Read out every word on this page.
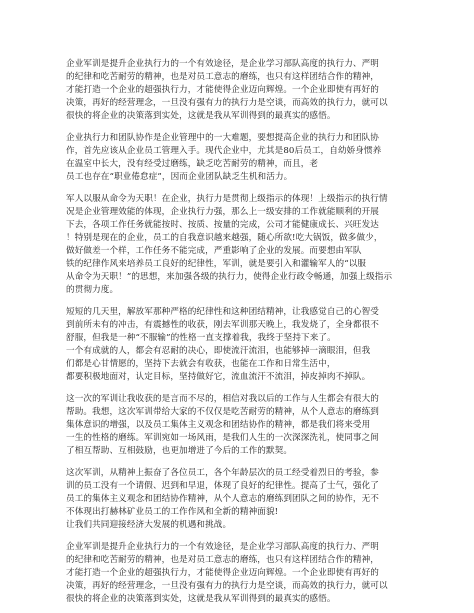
企业军训是提升企业执行力的一个有效途径，是企业学习部队高度的执行力、严明
的纪律和吃苦耐劳的精神，也是对员工意志的磨练，也只有这样团结合作的精神，
才能打造一个企业的超强执行力，才能使得企业迈向辉煌。一个企业即使有再好的
决策，再好的经营理念，一旦没有强有力的执行力是空谈，而高效的执行力，就可以
很快的将企业的决策落到实处，这就是我从军训得到的最真实的感悟。

企业执行力和团队协作是企业管理中的一大难题，要想提高企业的执行力和团队协
作，首先应该从企业员工管理入手。现代企业中，尤其是80后员工，自幼娇身惯养
在温室中长大，没有经受过磨练，缺乏吃苦耐劳的精神，而且，老
员工也存在“职业倦怠症”，因而企业团队缺乏生机和活力。

军人以服从命令为天职！在企业，执行力是贯彻上级指示的体现！上级指示的执行情
况是企业管理效能的体现，企业执行力强，那么上一级安排的工作就能顺利的开展
下去，各项工作任务就能按时、按质、按量的完成，公司才能健康成长、兴旺发达
！特别是现在的企业，员工的自我意识越来越强，随心所欲!吃大锅饭，做多做少，
做好做差一个样，工作任务不能完成，严重影响了企业的发展。而要想由军队
铁的纪律作风来培养员工良好的纪律性，军训，就是要引入和灌输军人的“以服
从命令为天职！”的思想，来加强各级的执行力，使得企业行政令畅通，加强上级指示
的贯彻力度。

短短的几天里，解放军那种严格的纪律性和这种团结精神，让我感觉自己的心智受
到前所未有的冲击，有震撼性的收获，刚去军训那天晚上，我发烧了，全身都很不
舒服，但我是一种“不服输”的性格一直支撑着我，我终于坚持下来了。
一个有成就的人，都会有忍耐的决心，即使流汗流泪，也能够掉一滴眼泪，但我
们都是心甘情愿的，坚持下去就会有收获，也能在工作和日常生活中，
都要积极地面对，认定目标，坚持做好它，流血流汗不流泪，掉皮掉肉不掉队。

这一次的军训让我收获的是言而不尽的，相信对我以后的工作与人生都会有很大的
帮助。我想，这次军训带给大家的不仅仅是吃苦耐劳的精神，从个人意志的磨练到
集体意识的增强，以及员工集体主义观念和团结协作的精神，都是我们将来受用
一生的性格的磨练。军训宛如一场风雨，是我们人生的一次深深洗礼，使同事之间
了相互帮助、互相鼓励，也更加增进了今后的工作的默契。

这次军训，从精神上振奋了各位员工，各个年龄层次的员工经受着烈日的考验，参
训的员工没有一个请假、迟到和早退，体现了良好的纪律性。提高了士气，强化了
员工的集体主义观念和团结协作精神，从个人意志的磨练到团队之间的协作，无不
不体现出打赫林矿业员工的工作作风和全新的精神面貌!
让我们共同迎接经济大发展的机遇和挑战。

企业军训是提升企业执行力的一个有效途径，是企业学习部队高度的执行力、严明
的纪律和吃苦耐劳的精神，也是对员工意志的磨练，也只有这样团结合作的精神，
才能打造一个企业的超强执行力，才能使得企业迈向辉煌。一个企业即使有再好的
决策，再好的经营理念，一旦没有强有力的执行力是空谈，而高效的执行力，就可以
很快的将企业的决策落到实处，这就是我从军训得到的最真实的感悟。
